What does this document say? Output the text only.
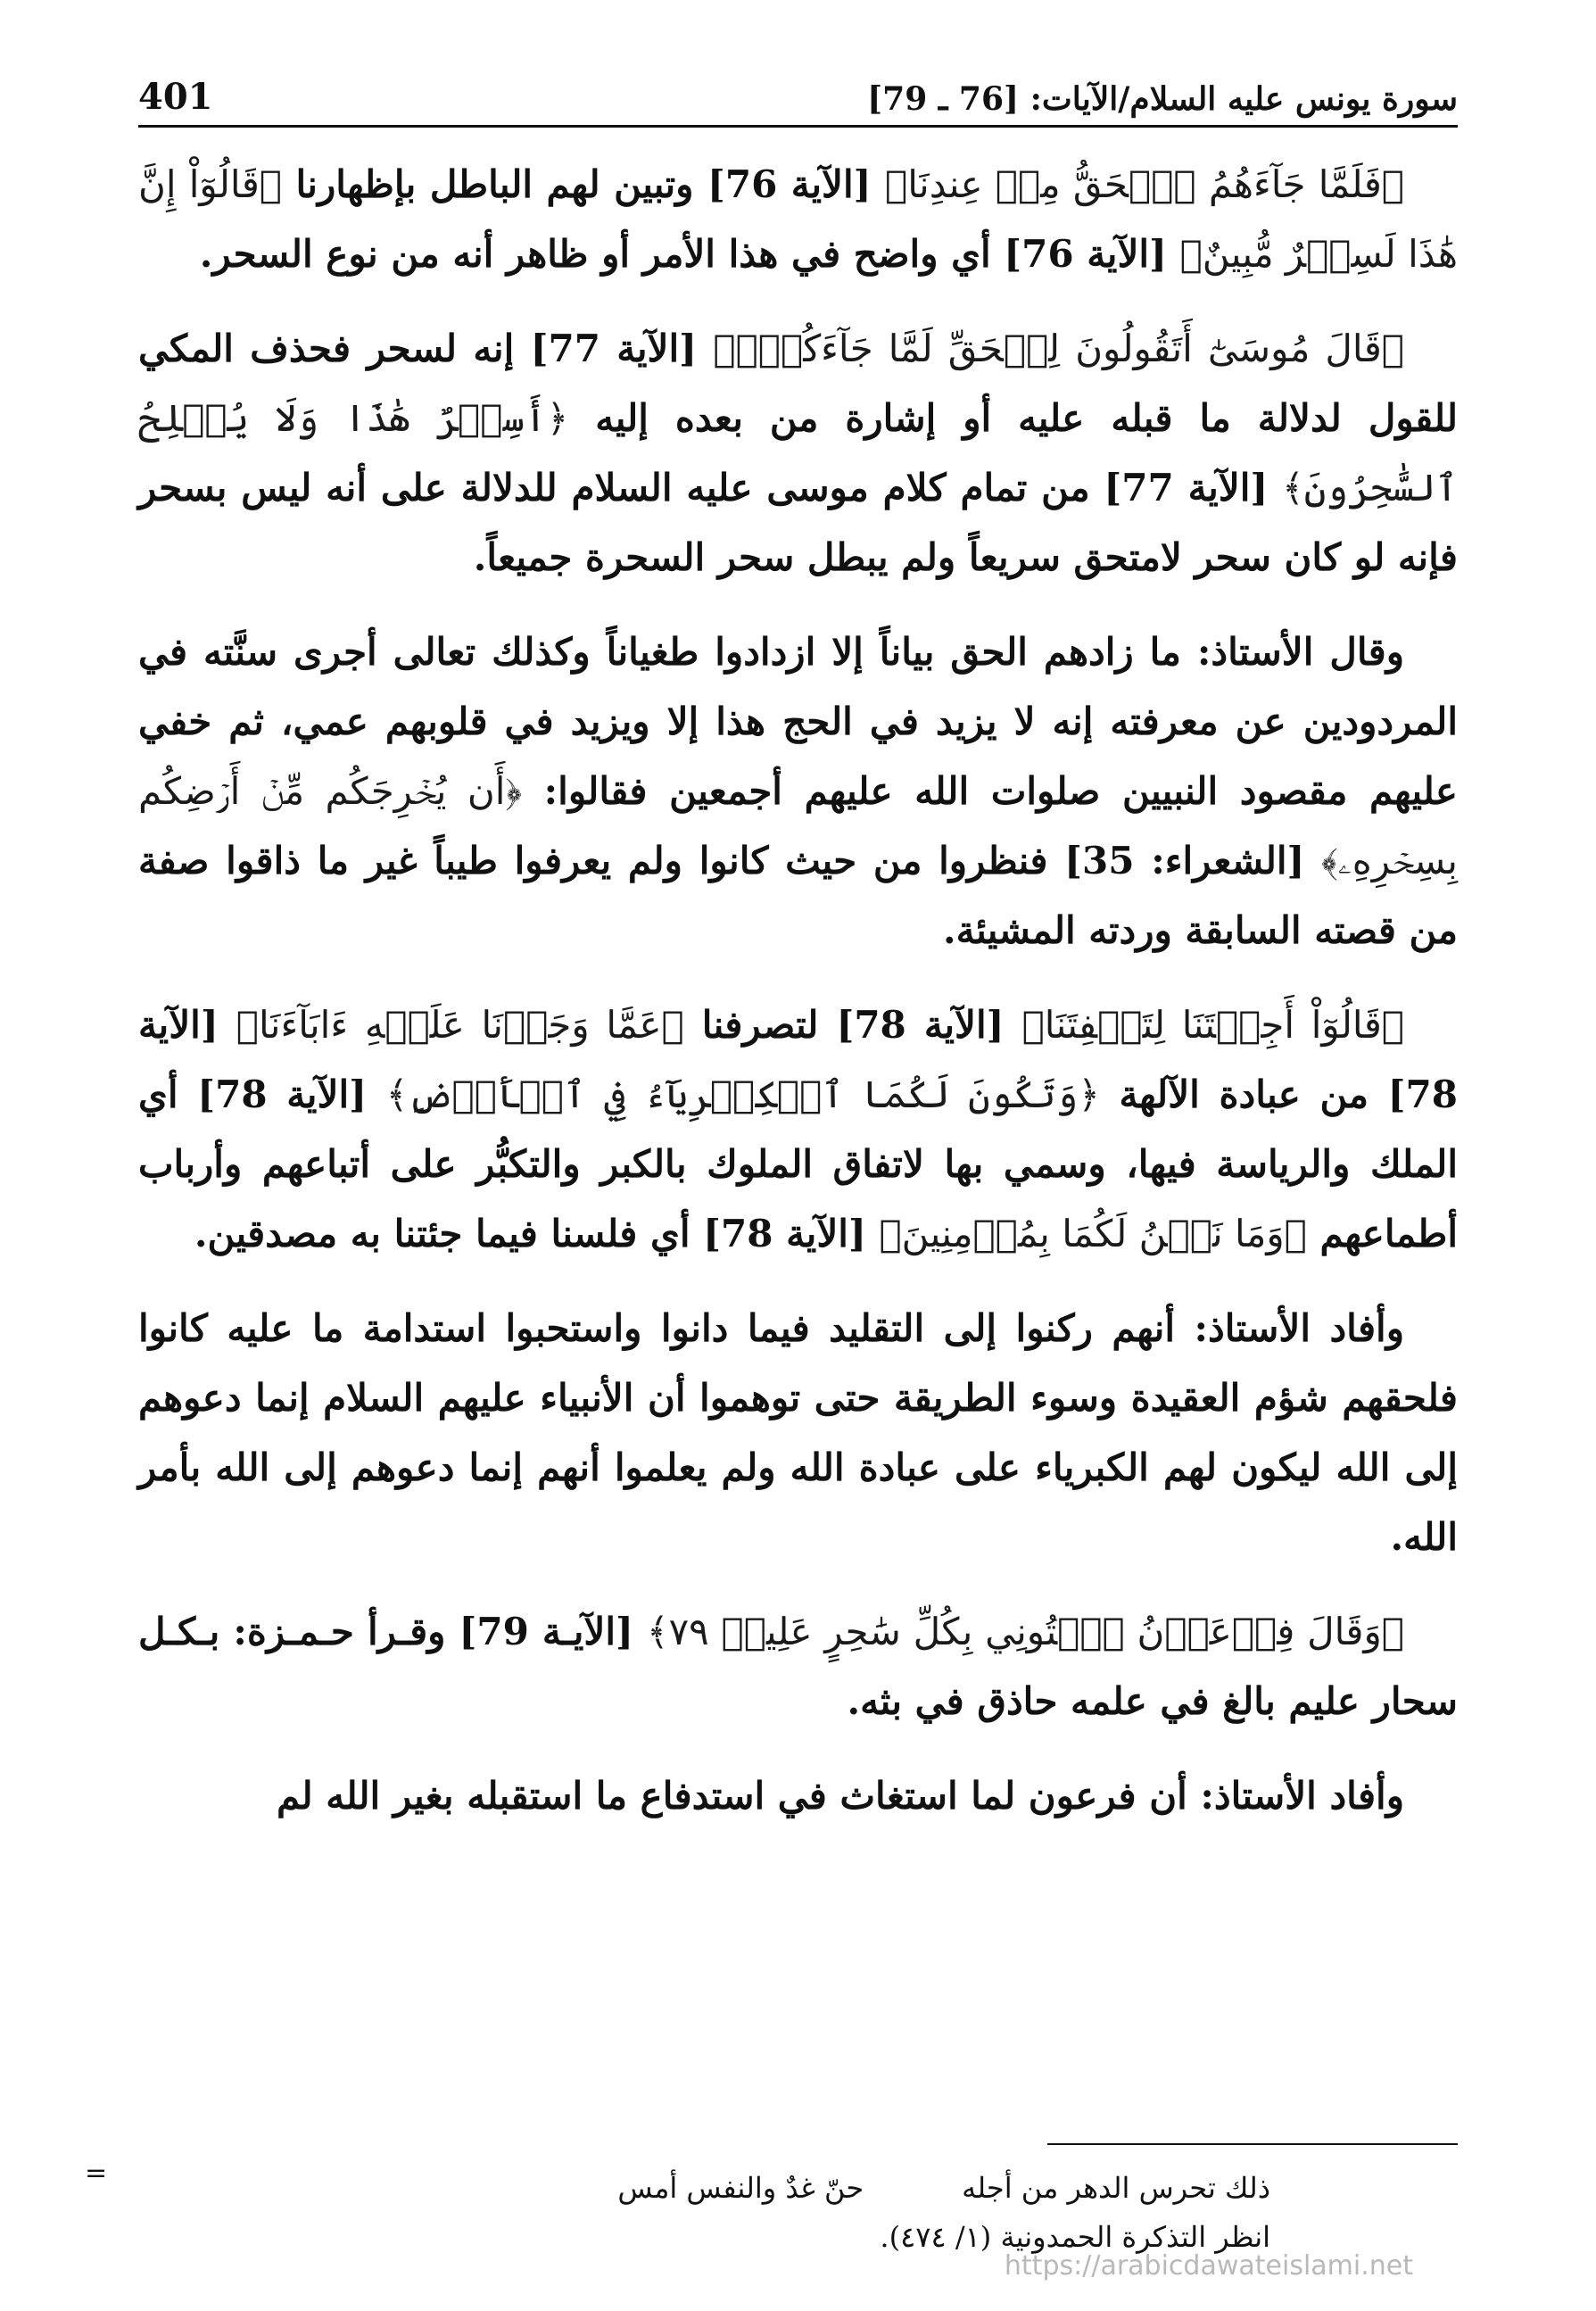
سورة يونس عليه السلام/الآيات: [76 ـ 79]
401

﴿فَلَمَّا جَآءَهُمُ ٱلۡحَقُّ مِنۡ عِندِنَا﴾ [الآية 76] وتبين لهم الباطل بإظهارنا ﴿قَالُوٓاْ إِنَّ هَٰذَا لَسِحۡرٌ مُّبِينٌ﴾ [الآية 76] أي واضح في هذا الأمر أو ظاهر أنه من نوع السحر.

﴿قَالَ مُوسَىٰٓ أَتَقُولُونَ لِلۡحَقِّ لَمَّا جَآءَكُمۡۖ﴾ [الآية 77] إنه لسحر فحذف المكي للقول لدلالة ما قبله عليه أو إشارة من بعده إليه ﴿أَسِحۡرٌ هَٰذَا وَلَا يُفۡلِحُ ٱلسَّٰحِرُونَ﴾ [الآية 77] من تمام كلام موسى عليه السلام للدلالة على أنه ليس بسحر فإنه لو كان سحر لامتحق سريعاً ولم يبطل سحر السحرة جميعاً.

وقال الأستاذ: ما زادهم الحق بياناً إلا ازدادوا طغياناً وكذلك تعالى أجرى سنَّته في المردودين عن معرفته إنه لا يزيد في الحج هذا إلا ويزيد في قلوبهم عمي، ثم خفي عليهم مقصود النبيين صلوات الله عليهم أجمعين فقالوا: ﴿أَن يُخۡرِجَكُم مِّنۡ أَرۡضِكُم بِسِحۡرِهِۦ﴾ [الشعراء: 35] فنظروا من حيث كانوا ولم يعرفوا طيباً غير ما ذاقوا صفة من قصته السابقة وردته المشيئة.

﴿قَالُوٓاْ أَجِئۡتَنَا لِتَلۡفِتَنَا﴾ [الآية 78] لتصرفنا ﴿عَمَّا وَجَدۡنَا عَلَيۡهِ ءَابَآءَنَا﴾ [الآية 78] من عبادة الآلهة ﴿وَتَكُونَ لَكُمَا ٱلۡكِبۡرِيَآءُ فِي ٱلۡأَرۡضِ﴾ [الآية 78] أي الملك والرياسة فيها، وسمي بها لاتفاق الملوك بالكبر والتكبُّر على أتباعهم وأرباب أطماعهم ﴿وَمَا نَحۡنُ لَكُمَا بِمُؤۡمِنِينَ﴾ [الآية 78] أي فلسنا فيما جئتنا به مصدقين.

وأفاد الأستاذ: أنهم ركنوا إلى التقليد فيما دانوا واستحبوا استدامة ما عليه كانوا فلحقهم شؤم العقيدة وسوء الطريقة حتى توهموا أن الأنبياء عليهم السلام إنما دعوهم إلى الله ليكون لهم الكبرياء على عبادة الله ولم يعلموا أنهم إنما دعوهم إلى الله بأمر الله.

﴿وَقَالَ فِرۡعَوۡنُ ٱئۡتُونِي بِكُلِّ سَٰحِرٍ عَلِيمٖ ٧٩﴾ [الآيـة 79] وقـرأ حـمـزة: بـكـل سحار عليم بالغ في علمه حاذق في بثه.

وأفاد الأستاذ: أن فرعون لما استغاث في استدفاع ما استقبله بغير الله لم

=	ذلك تحرس الدهر من أجله
حنّ غدٌ والنفس أمس
انظر التذكرة الحمدونية (١/ ٤٧٤).
https://arabicdawateislami.net
